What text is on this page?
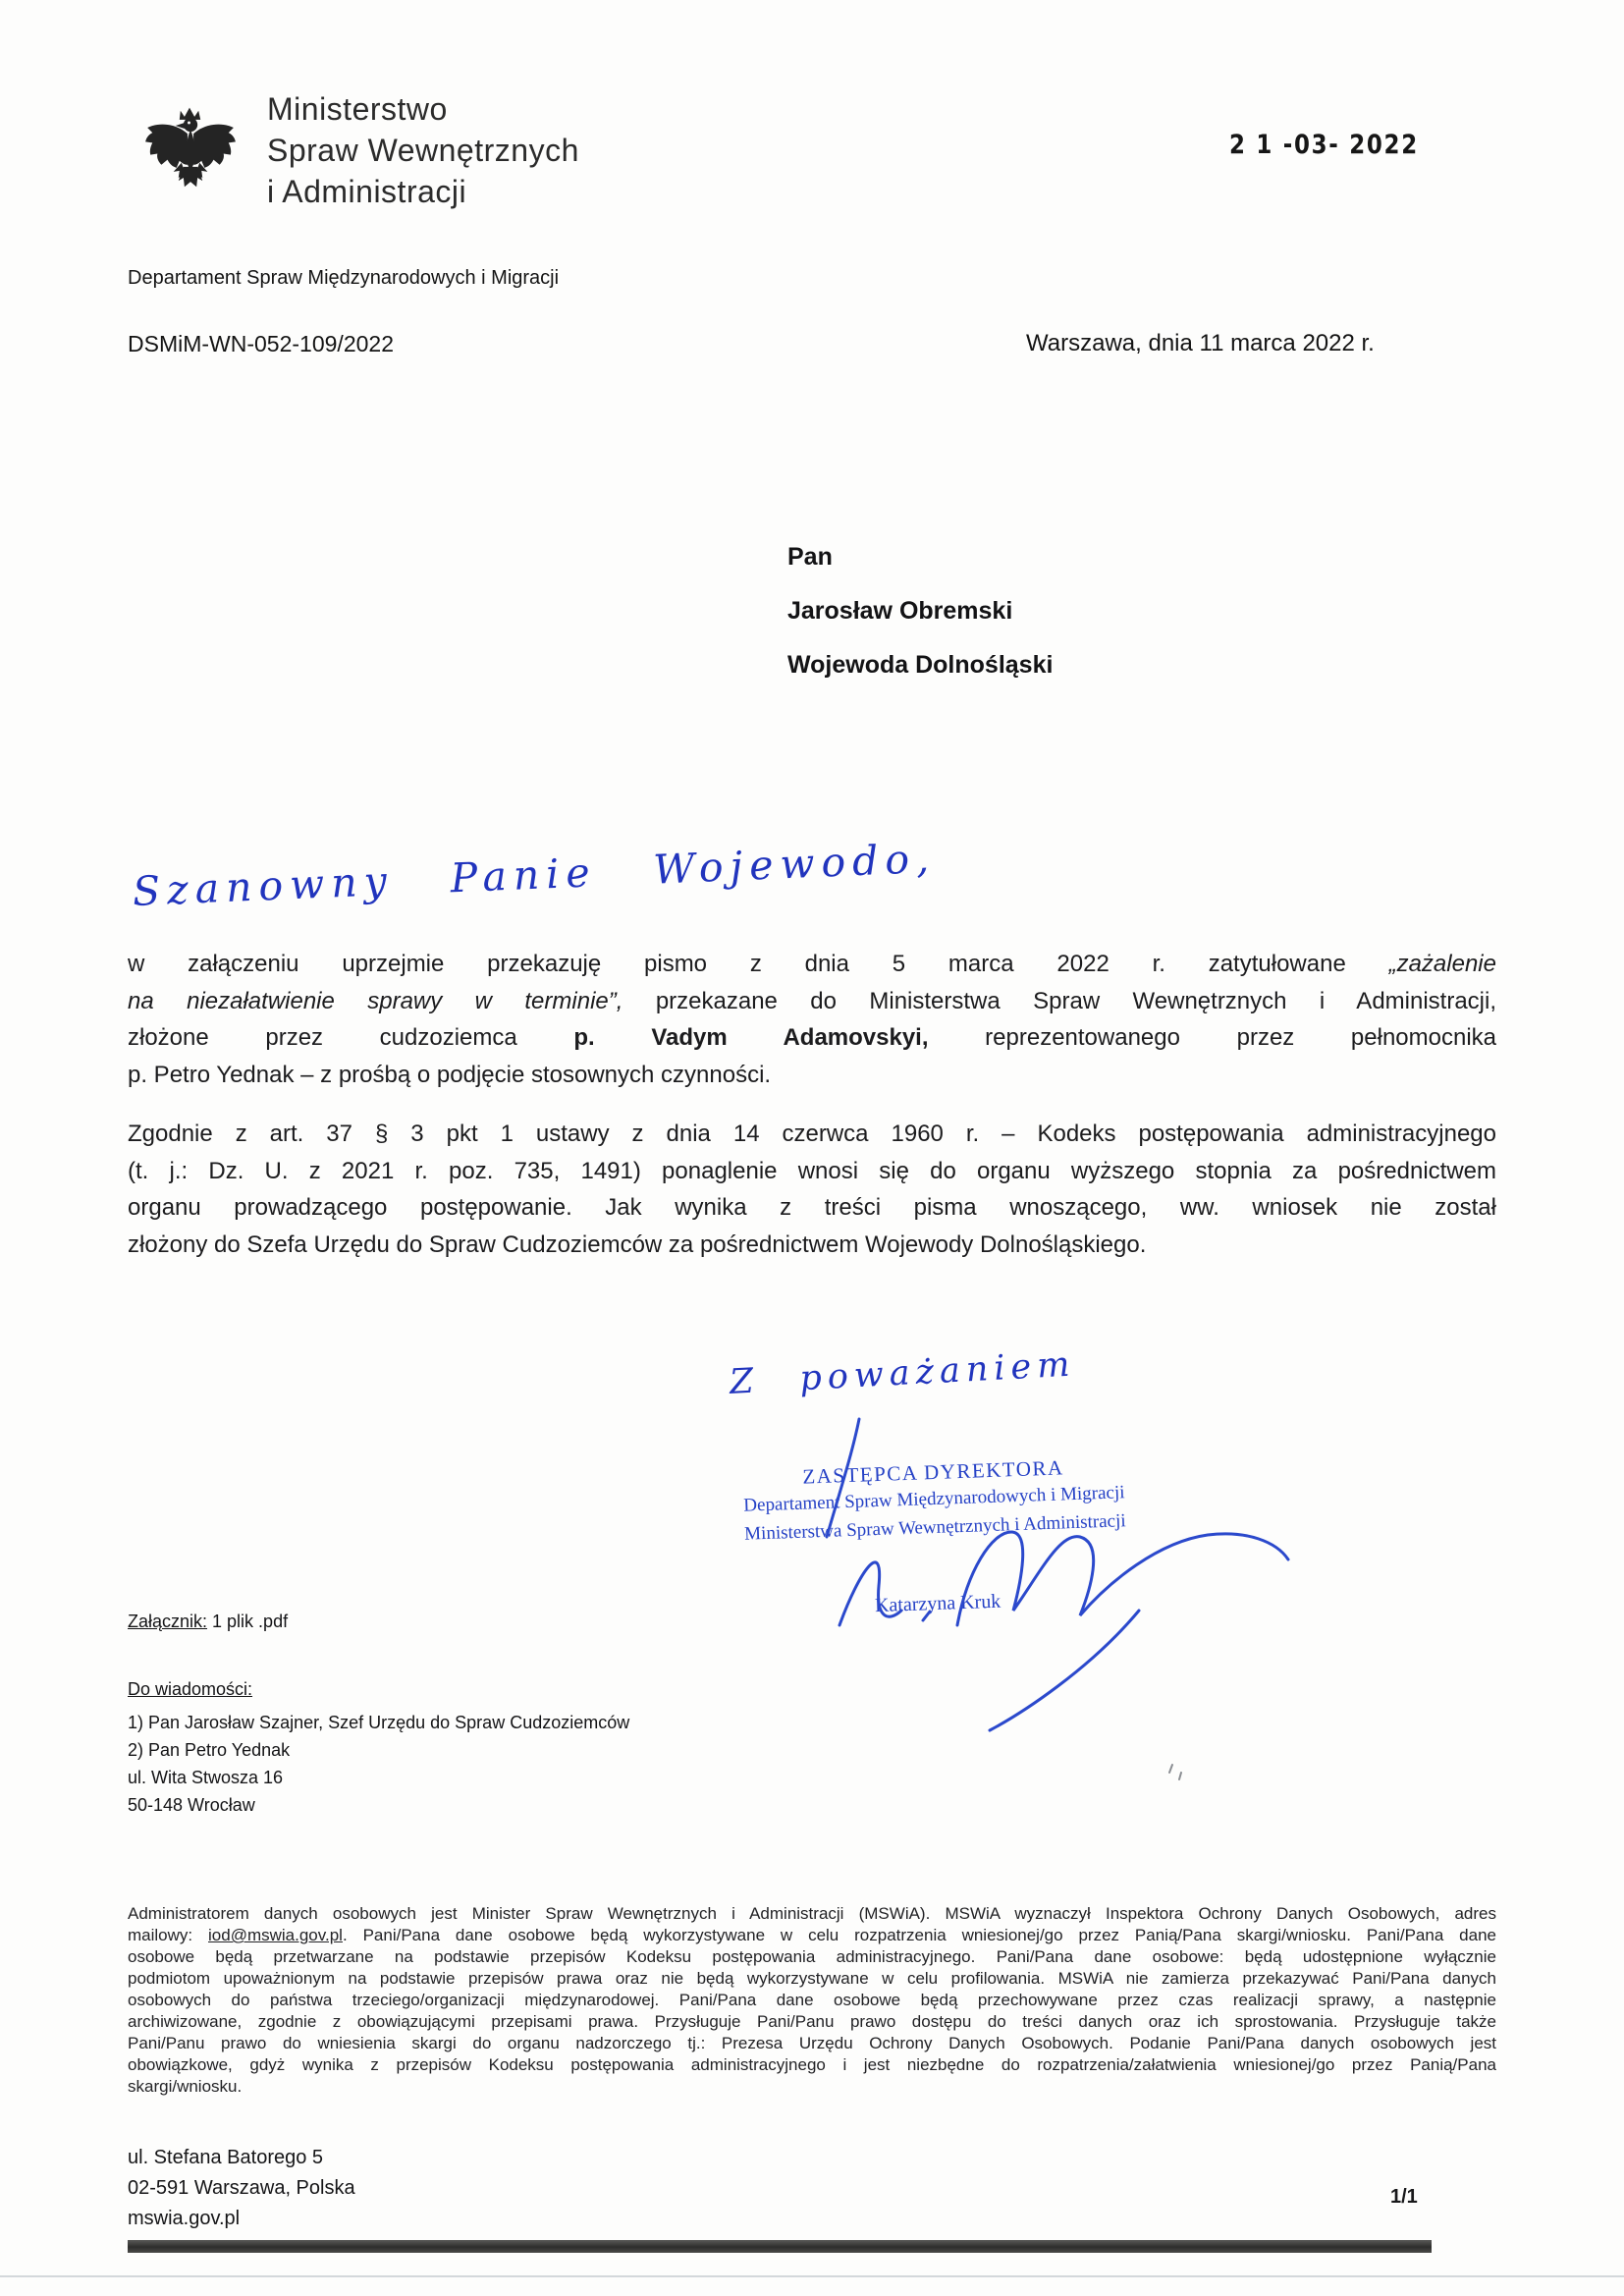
Ministerstwo
Spraw Wewnętrznych
i Administracji
2 1 -03- 2022
Departament Spraw Międzynarodowych i Migracji
DSMiM-WN-052-109/2022	Warszawa, dnia 11 marca 2022 r.
Pan
Jarosław Obremski
Wojewoda Dolnośląski
Szanowny Panie Wojewodo,
w załączeniu uprzejmie przekazuję pismo z dnia 5 marca 2022 r. zatytułowane „zażalenie
na niezałatwienie sprawy w terminie”, przekazane do Ministerstwa Spraw Wewnętrznych i Administracji,
złożone przez cudzoziemca p. Vadym Adamovskyi, reprezentowanego przez pełnomocnika
p. Petro Yednak – z prośbą o podjęcie stosownych czynności.
Zgodnie z art. 37 § 3 pkt 1 ustawy z dnia 14 czerwca 1960 r. – Kodeks postępowania administracyjnego
(t. j.: Dz. U. z 2021 r. poz. 735, 1491) ponaglenie wnosi się do organu wyższego stopnia za pośrednictwem
organu prowadzącego postępowanie. Jak wynika z treści pisma wnoszącego, ww. wniosek nie został
złożony do Szefa Urzędu do Spraw Cudzoziemców za pośrednictwem Wojewody Dolnośląskiego.
Z poważaniem
ZASTĘPCA DYREKTORA
Departament Spraw Międzynarodowych i Migracji
Ministerstwa Spraw Wewnętrznych i Administracji
Katarzyna Kruk
Załącznik: 1 plik .pdf
Do wiadomości:
1) Pan Jarosław Szajner, Szef Urzędu do Spraw Cudzoziemców
2) Pan Petro Yednak
ul. Wita Stwosza 16
50-148 Wrocław
Administratorem danych osobowych jest Minister Spraw Wewnętrznych i Administracji (MSWiA). MSWiA wyznaczył Inspektora Ochrony Danych Osobowych, adres
mailowy: iod@mswia.gov.pl. Pani/Pana dane osobowe będą wykorzystywane w celu rozpatrzenia wniesionej/go przez Panią/Pana skargi/wniosku. Pani/Pana dane
osobowe będą przetwarzane na podstawie przepisów Kodeksu postępowania administracyjnego. Pani/Pana dane osobowe: będą udostępnione wyłącznie
podmiotom upoważnionym na podstawie przepisów prawa oraz nie będą wykorzystywane w celu profilowania. MSWiA nie zamierza przekazywać Pani/Pana danych
osobowych do państwa trzeciego/organizacji międzynarodowej. Pani/Pana dane osobowe będą przechowywane przez czas realizacji sprawy, a następnie
archiwizowane, zgodnie z obowiązującymi przepisami prawa. Przysługuje Pani/Panu prawo dostępu do treści danych oraz ich sprostowania. Przysługuje także
Pani/Panu prawo do wniesienia skargi do organu nadzorczego tj.: Prezesa Urzędu Ochrony Danych Osobowych. Podanie Pani/Pana danych osobowych jest
obowiązkowe, gdyż wynika z przepisów Kodeksu postępowania administracyjnego i jest niezbędne do rozpatrzenia/załatwienia wniesionej/go przez Panią/Pana
skargi/wniosku.
ul. Stefana Batorego 5
02-591 Warszawa, Polska
mswia.gov.pl
1/1
